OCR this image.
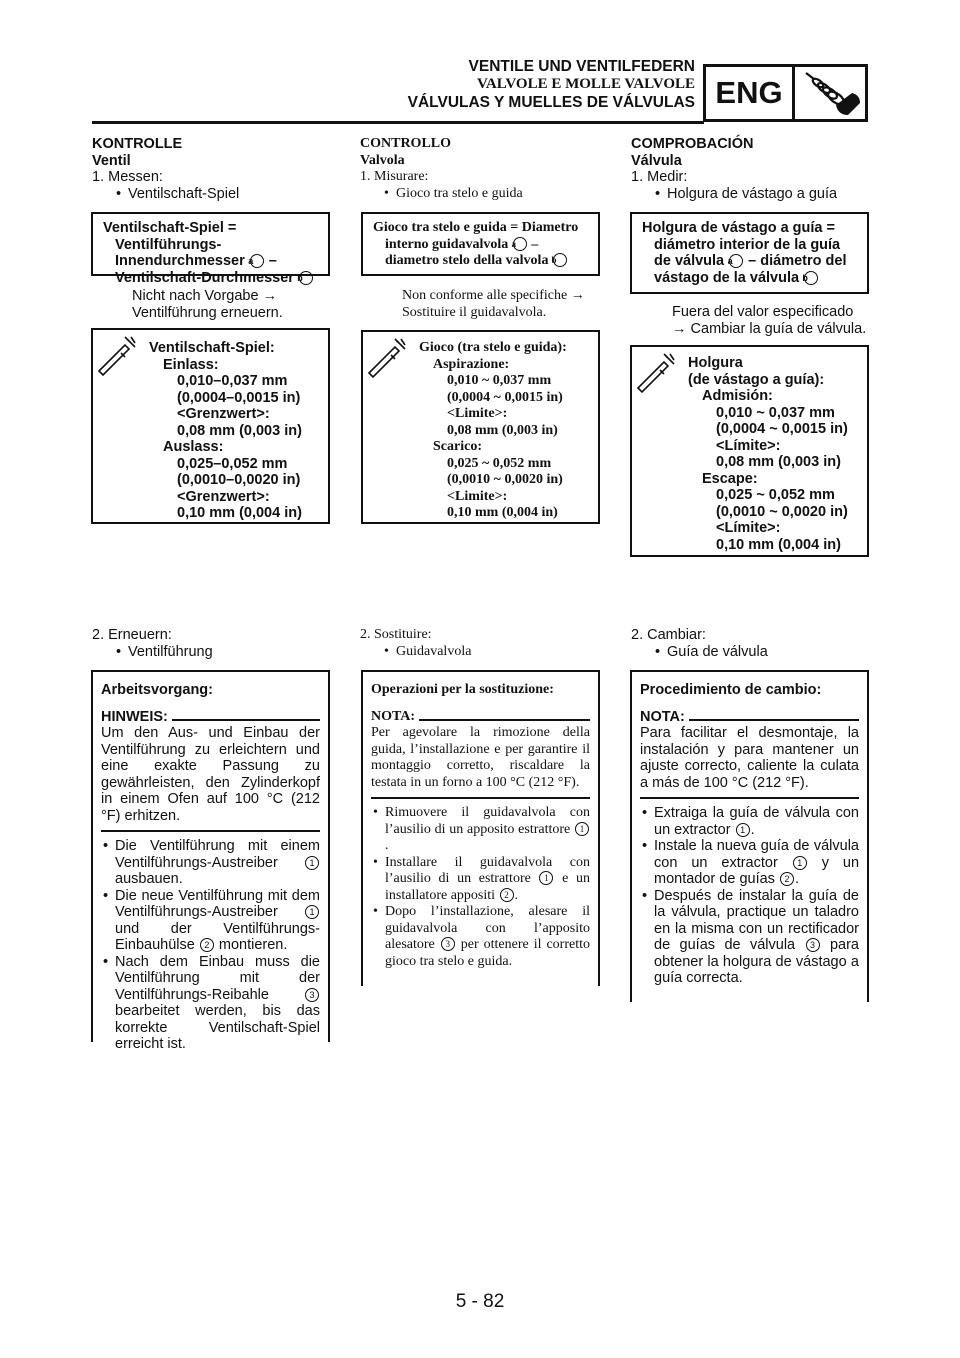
VENTILE UND VENTILFEDERN
VALVOLE E MOLLE VALVOLE
VÁLVULAS Y MUELLES DE VÁLVULAS ENG
KONTROLLE
Ventil
1. Messen:
• Ventilschaft-Spiel
Ventilschaft-Spiel = Ventilführungs-Innendurchmesser a – Ventilschaft-Durchmesser b
Nicht nach Vorgabe → Ventilführung erneuern.
Ventilschaft-Spiel:
Einlass:
0,010–0,037 mm
(0,0004–0,0015 in)
<Grenzwert>:
0,08 mm (0,003 in)
Auslass:
0,025–0,052 mm
(0,0010–0,0020 in)
<Grenzwert>:
0,10 mm (0,004 in)
2. Erneuern:
• Ventilführung
Arbeitsvorgang:
HINWEIS:
Um den Aus- und Einbau der Ventilführung zu erleichtern und eine exakte Passung zu gewährleisten, den Zylinderkopf in einem Ofen auf 100 °C (212 °F) erhitzen.
• Die Ventilführung mit einem Ventilführungs-Austreiber	1 ausbauen.
• Die neue Ventilführung mit dem Ventilführungs-Austreiber	1 und der Ventilführungs-Einbauhülse 2 montieren.
• Nach dem Einbau muss die Ventilführung mit der Ventilführungs-Reibahle	3 bearbeitet werden, bis das korrekte Ventilschaft-Spiel erreicht ist.
CONTROLLO
Valvola
1. Misurare:
• Gioco tra stelo e guida
Gioco tra stelo e guida = Diametro interno guidavalvola a – diametro stelo della valvola b
Non conforme alle specifiche → Sostituire il guidavalvola.
Gioco (tra stelo e guida):
Aspirazione:
0,010 ~ 0,037 mm
(0,0004 ~ 0,0015 in)
<Limite>:
0,08 mm (0,003 in)
Scarico:
0,025 ~ 0,052 mm
(0,0010 ~ 0,0020 in)
<Limite>:
0,10 mm (0,004 in)
2. Sostituire:
• Guidavalvola
Operazioni per la sostituzione:
NOTA:
Per agevolare la rimozione della guida, l’installazione e per garantire il montaggio corretto, riscaldare la testata in un forno a 100 °C (212 °F).
• Rimuovere il guidavalvola con l’ausilio di un apposito estrattore 1.
• Installare il guidavalvola con l’ausilio di un estrattore 1 e un installatore appositi 2 .
• Dopo l’installazione, alesare il guidavalvola con l’apposito alesatore 3 per ottenere il corretto gioco tra stelo e guida.
COMPROBACIÓN
Válvula
1. Medir:
• Holgura de vástago a guía
Holgura de vástago a guía = diámetro interior de la guía de válvula a – diámetro del vástago de la válvula b
Fuera del valor especificado → Cambiar la guía de válvula.
Holgura
(de vástago a guía):
Admisión:
0,010 ~ 0,037 mm
(0,0004 ~ 0,0015 in)
<Límite>:
0,08 mm (0,003 in)
Escape:
0,025 ~ 0,052 mm
(0,0010 ~ 0,0020 in)
<Límite>:
0,10 mm (0,004 in)
2. Cambiar:
• Guía de válvula
Procedimiento de cambio:
NOTA:
Para facilitar el desmontaje, la instalación y para mantener un ajuste correcto, caliente la culata a más de 100 °C (212 °F).
• Extraiga la guía de válvula con un extractor 1 .
• Instale la nueva guía de válvula con un extractor 1 y un montador de guías 2 .
• Después de instalar la guía de la válvula, practique un taladro en la misma con un rectificador de guías de válvula 3 para obtener la holgura de vástago a guía correcta.
5 - 82
